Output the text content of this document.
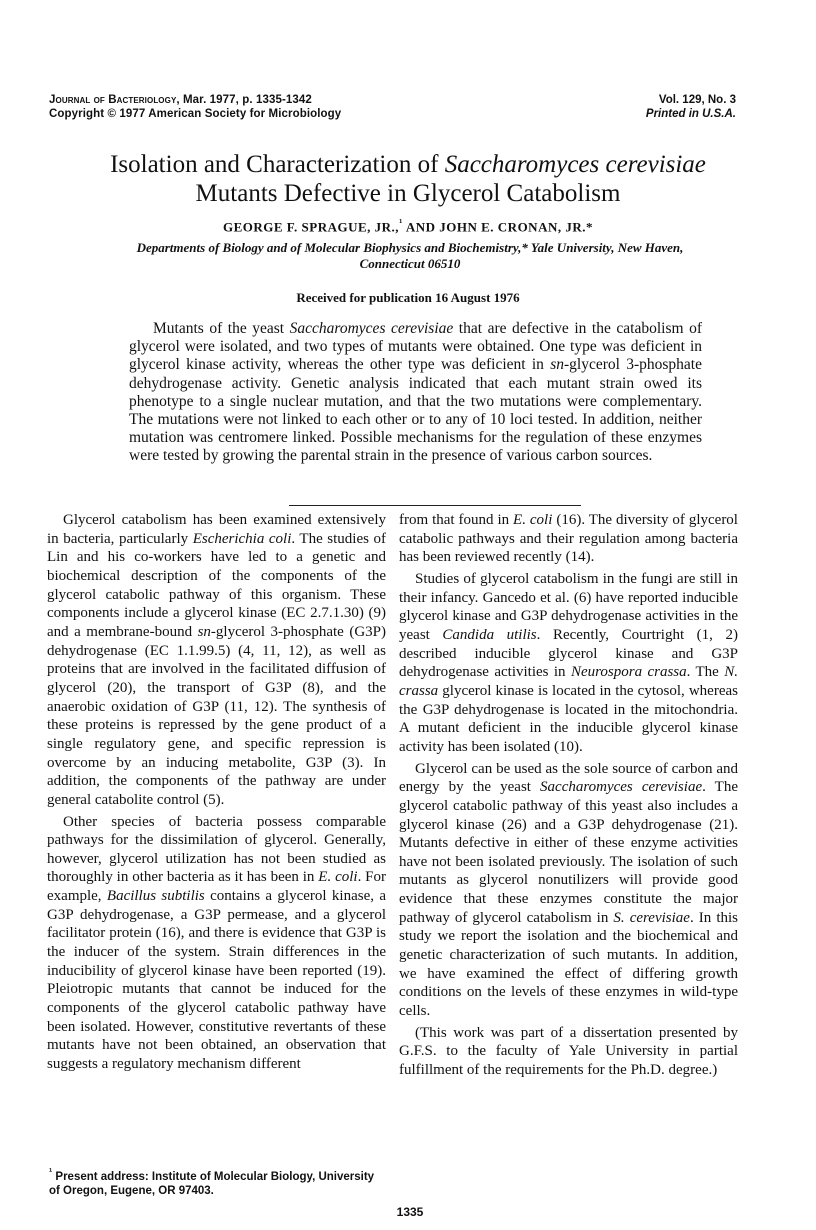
Journal of Bacteriology, Mar. 1977, p. 1335-1342
Copyright © 1977 American Society for Microbiology
Vol. 129, No. 3
Printed in U.S.A.
Isolation and Characterization of Saccharomyces cerevisiae
Mutants Defective in Glycerol Catabolism
GEORGE F. SPRAGUE, JR.,$^{^1}$ AND JOHN E. CRONAN, JR.*
Departments of Biology and of Molecular Biophysics and Biochemistry,* Yale University, New Haven,
Connecticut 06510
Received for publication 16 August 1976
Mutants of the yeast Saccharomyces cerevisiae that are defective in the catabolism of glycerol were isolated, and two types of mutants were obtained. One type was deficient in glycerol kinase activity, whereas the other type was deficient in sn-glycerol 3-phosphate dehydrogenase activity. Genetic analysis indicated that each mutant strain owed its phenotype to a single nuclear mutation, and that the two mutations were complementary. The mutations were not linked to each other or to any of 10 loci tested. In addition, neither mutation was centromere linked. Possible mechanisms for the regulation of these enzymes were tested by growing the parental strain in the presence of various carbon sources.

Glycerol catabolism has been examined extensively in bacteria, particularly Escherichia coli. The studies of Lin and his co-workers have led to a genetic and biochemical description of the components of the glycerol catabolic pathway of this organism. These components include a glycerol kinase (EC 2.7.1.30) (9) and a membrane-bound sn-glycerol 3-phosphate (G3P) dehydrogenase (EC 1.1.99.5) (4, 11, 12), as well as proteins that are involved in the facilitated diffusion of glycerol (20), the transport of G3P (8), and the anaerobic oxidation of G3P (11, 12). The synthesis of these proteins is repressed by the gene product of a single regulatory gene, and specific repression is overcome by an inducing metabolite, G3P (3). In addition, the components of the pathway are under general catabolite control (5).

Other species of bacteria possess comparable pathways for the dissimilation of glycerol. Generally, however, glycerol utilization has not been studied as thoroughly in other bacteria as it has been in E. coli. For example, Bacillus subtilis contains a glycerol kinase, a G3P dehydrogenase, a G3P permease, and a glycerol facilitator protein (16), and there is evidence that G3P is the inducer of the system. Strain differences in the inducibility of glycerol kinase have been reported (19). Pleiotropic mutants that cannot be induced for the components of the glycerol catabolic pathway have been isolated. However, constitutive revertants of these mutants have not been obtained, an observation that suggests a regulatory mechanism different

from that found in E. coli (16). The diversity of glycerol catabolic pathways and their regulation among bacteria has been reviewed recently (14).

Studies of glycerol catabolism in the fungi are still in their infancy. Gancedo et al. (6) have reported inducible glycerol kinase and G3P dehydrogenase activities in the yeast Candida utilis. Recently, Courtright (1, 2) described inducible glycerol kinase and G3P dehydrogenase activities in Neurospora crassa. The N. crassa glycerol kinase is located in the cytosol, whereas the G3P dehydrogenase is located in the mitochondria. A mutant deficient in the inducible glycerol kinase activity has been isolated (10).

Glycerol can be used as the sole source of carbon and energy by the yeast Saccharomyces cerevisiae. The glycerol catabolic pathway of this yeast also includes a glycerol kinase (26) and a G3P dehydrogenase (21). Mutants defective in either of these enzyme activities have not been isolated previously. The isolation of such mutants as glycerol nonutilizers will provide good evidence that these enzymes constitute the major pathway of glycerol catabolism in S. cerevisiae. In this study we report the isolation and the biochemical and genetic characterization of such mutants. In addition, we have examined the effect of differing growth conditions on the levels of these enzymes in wild-type cells.

(This work was part of a dissertation presented by G.F.S. to the faculty of Yale University in partial fulfillment of the requirements for the Ph.D. degree.)

$^{^1}$ Present address: Institute of Molecular Biology, University of Oregon, Eugene, OR 97403.
1335
